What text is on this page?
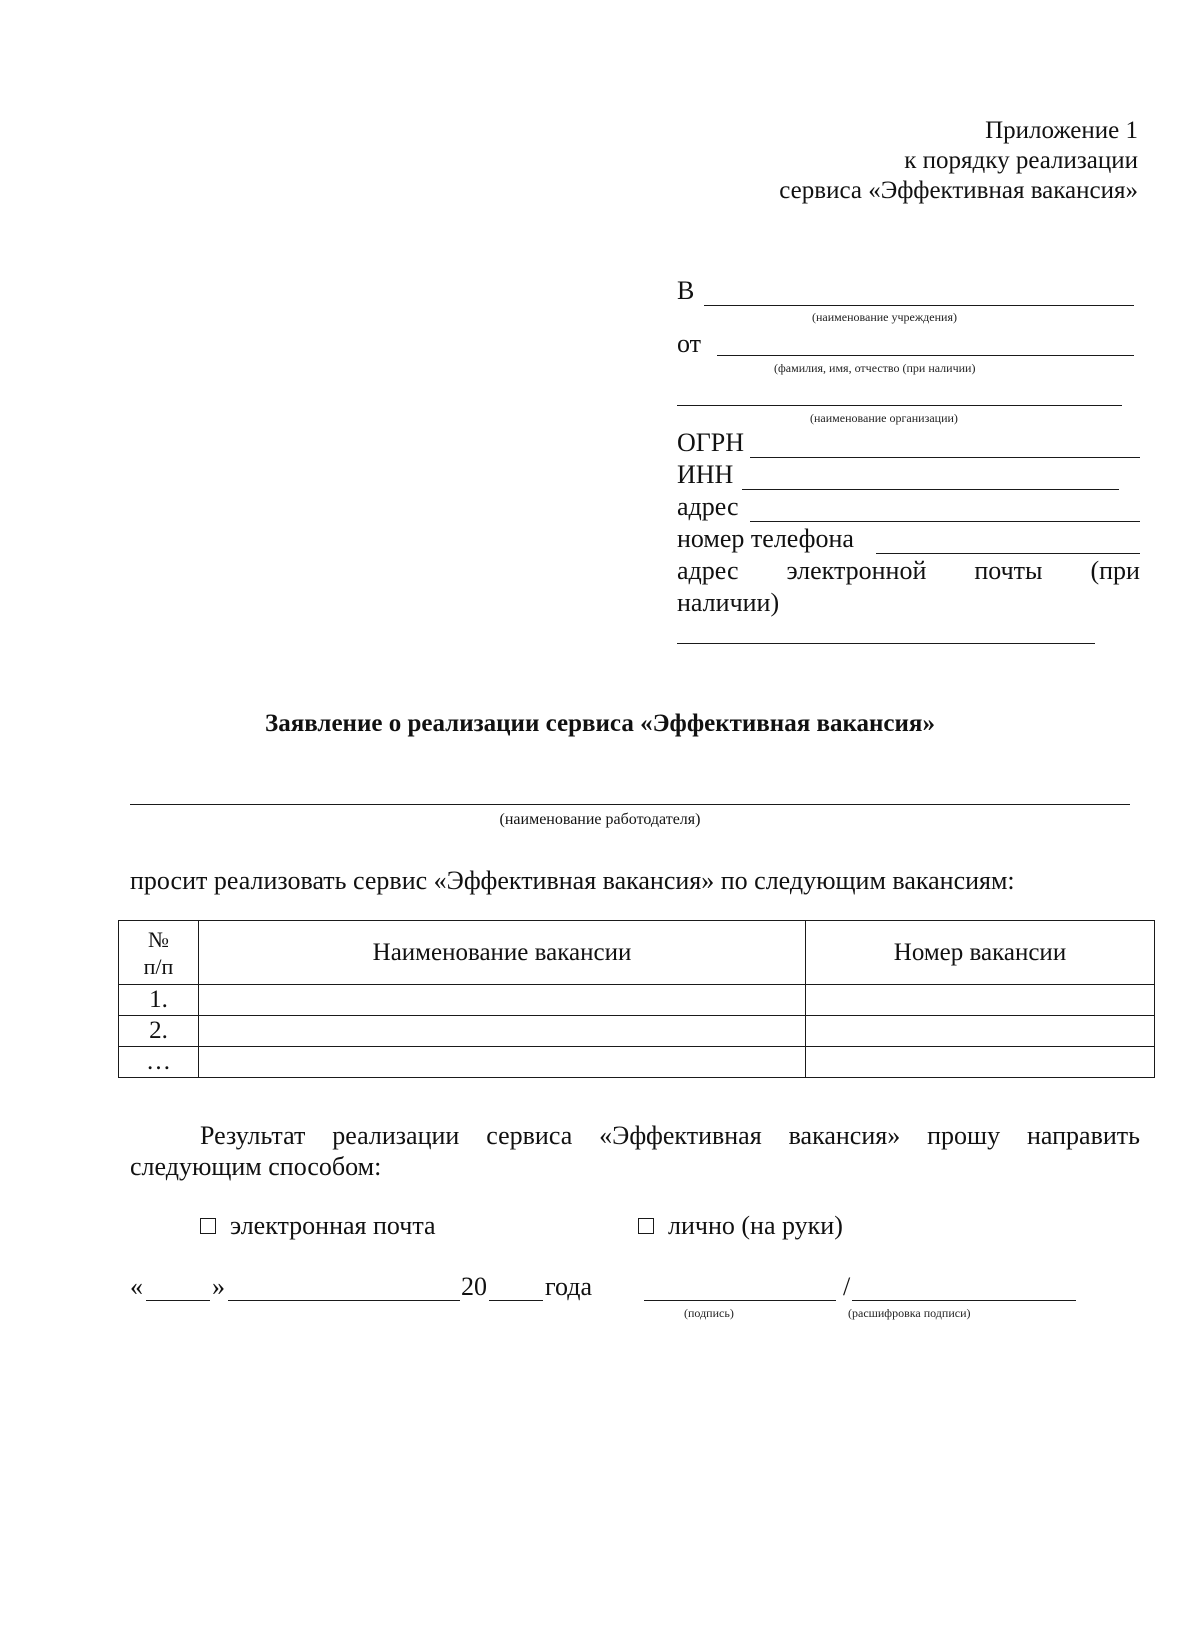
Приложение 1
к порядку реализации
сервиса «Эффективная вакансия»
В
(наименование учреждения)
от
(фамилия, имя, отчество (при наличии)
(наименование организации)
ОГРН
ИНН
адрес
номер телефона
адрес электронной почты (при
наличии)
Заявление о реализации сервиса «Эффективная вакансия»
(наименование работодателя)
просит реализовать сервис «Эффективная вакансия» по следующим вакансиям:
№
п/п	Наименование вакансии	Номер вакансии
1.		
2.		
…		
Результат реализации сервиса «Эффективная вакансия» прошу направить
следующим способом:
электронная почта	лично (на руки)
«	»	20 года
(подпись)
/
(расшифровка подписи)
